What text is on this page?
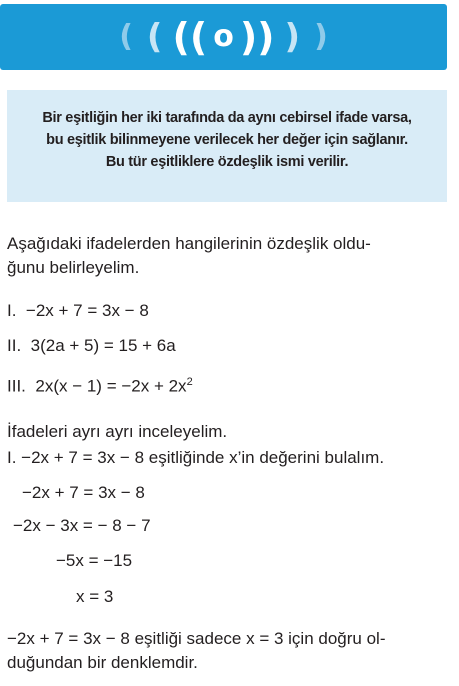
( ( (( o )) ) )

Bir eşitliğin her iki tarafında da aynı cebirsel ifade varsa,
bu eşitlik bilinmeyene verilecek her değer için sağlanır.
Bu tür eşitliklere özdeşlik ismi verilir.

Aşağıdaki ifadelerden hangilerinin özdeşlik oldu-
ğunu belirleyelim.

I. −2x + 7 = 3x − 8
II. 3(2a + 5) = 15 + 6a
III. $2x(x - 1) = -2x + 2x^2$
İfadeleri ayrı ayrı inceleyelim.
I. −2x + 7 = 3x − 8 eşitliğinde x’in değerini bulalım.
−2x + 7 = 3x − 8
−2x − 3x = − 8 − 7
−5x = −15
x = 3

−2x + 7 = 3x − 8 eşitliği sadece x = 3 için doğru ol-
duğundan bir denklemdir.
